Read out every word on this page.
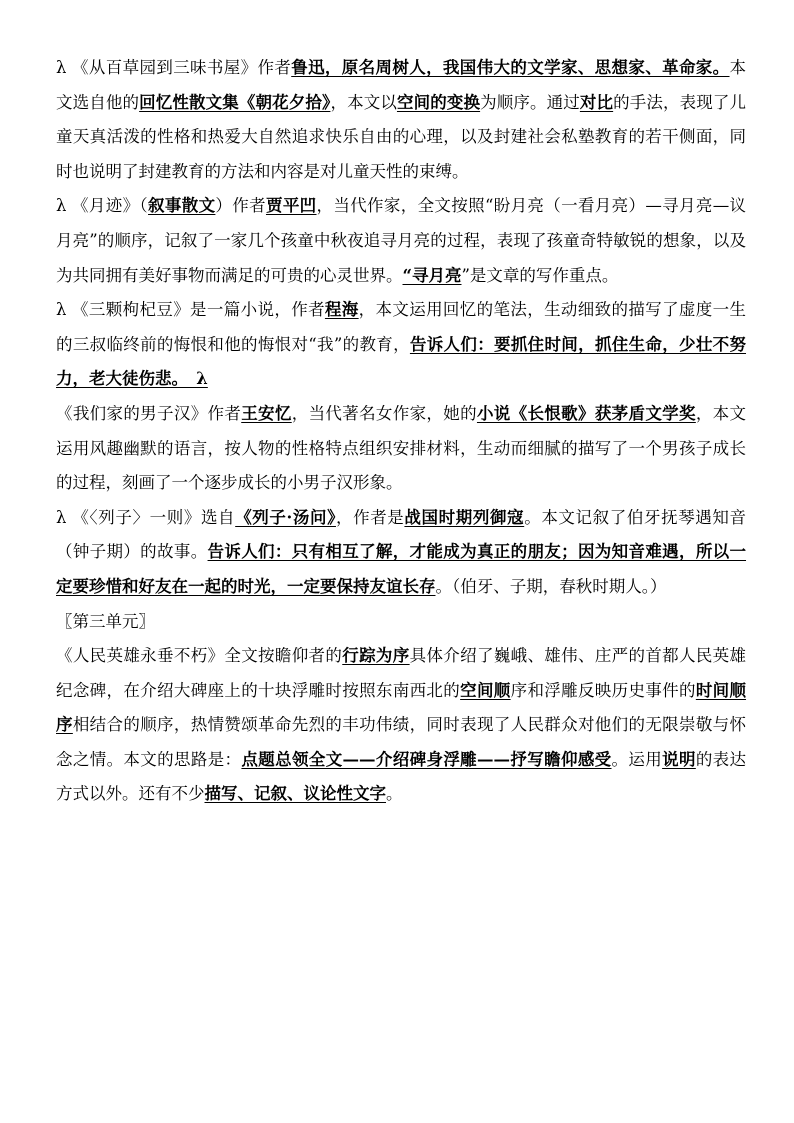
λ 《从百草园到三味书屋》作者鲁迅，原名周树人，我国伟大的文学家、思想家、革命家。本文选自他的回忆性散文集《朝花夕拾》，本文以空间的变换为顺序。通过对比的手法，表现了儿童天真活泼的性格和热爱大自然追求快乐自由的心理，以及封建社会私塾教育的若干侧面，同时也说明了封建教育的方法和内容是对儿童天性的束缚。

λ 《月迹》（叙事散文）作者贾平凹，当代作家，全文按照“盼月亮（一看月亮）—寻月亮—议月亮”的顺序，记叙了一家几个孩童中秋夜追寻月亮的过程，表现了孩童奇特敏锐的想象，以及为共同拥有美好事物而满足的可贵的心灵世界。“寻月亮”是文章的写作重点。

λ 《三颗枸杞豆》是一篇小说，作者程海，本文运用回忆的笔法，生动细致的描写了虚度一生的三叔临终前的悔恨和他的悔恨对“我”的教育，告诉人们：要抓住时间，抓住生命，少壮不努力，老大徒伤悲。　λ

《我们家的男子汉》作者王安忆，当代著名女作家，她的小说《长恨歌》获茅盾文学奖，本文运用风趣幽默的语言，按人物的性格特点组织安排材料，生动而细腻的描写了一个男孩子成长的过程，刻画了一个逐步成长的小男子汉形象。

λ 《〈列子〉一则》选自《列子·汤问》，作者是战国时期列御寇。本文记叙了伯牙抚琴遇知音（钟子期）的故事。告诉人们：只有相互了解，才能成为真正的朋友；因为知音难遇，所以一定要珍惜和好友在一起的时光，一定要保持友谊长存。（伯牙、子期，春秋时期人。）

〖第三单元〗

《人民英雄永垂不朽》全文按瞻仰者的行踪为序具体介绍了巍峨、雄伟、庄严的首都人民英雄纪念碑，在介绍大碑座上的十块浮雕时按照东南西北的空间顺序和浮雕反映历史事件的时间顺序相结合的顺序，热情赞颂革命先烈的丰功伟绩，同时表现了人民群众对他们的无限崇敬与怀念之情。本文的思路是：点题总领全文——介绍碑身浮雕——抒写瞻仰感受。运用说明的表达方式以外。还有不少描写、记叙、议论性文字。
